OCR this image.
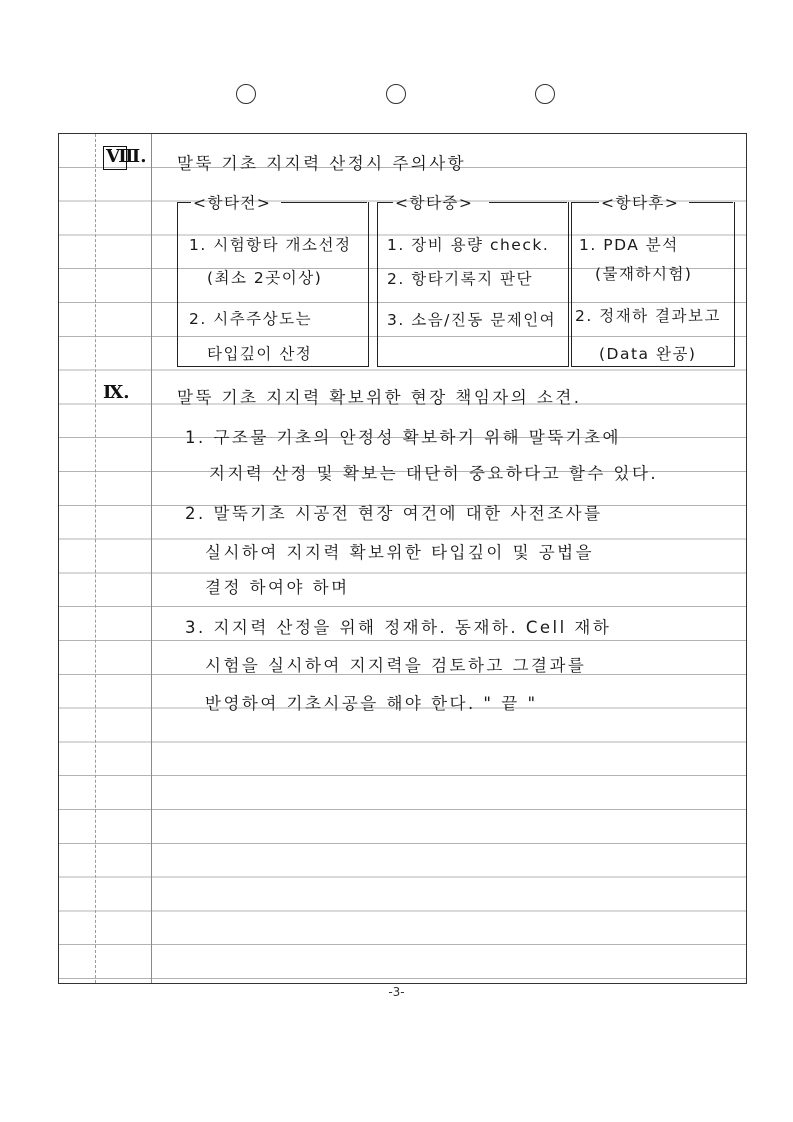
Ⅷ. 말뚝 기초 지지력 산정시 주의사항
<항타전>
1. 시험항타 개소선정
(최소 2곳이상)
2. 시추주상도는
타입깊이 산정
<항타중>
1. 장비 용량 check.
2. 항타기록지 판단
3. 소음/진동 문제인여
<항타후>
1. PDA 분석
(물재하시험)
2. 정재하 결과보고
(Data 완공)
Ⅸ.	말뚝 기초 지지력 확보위한 현장 책임자의 소견.
1. 구조물 기초의 안정성 확보하기 위해 말뚝기초에
지지력 산정 및 확보는 대단히 중요하다고 할수 있다.
2. 말뚝기초 시공전 현장 여건에 대한 사전조사를
실시하여 지지력 확보위한 타입깊이 및 공법을
결정 하여야 하며
3. 지지력 산정을 위해 정재하. 동재하. Cell 재하
시험을 실시하여 지지력을 검토하고 그결과를
반영하여 기초시공을 해야 한다. " 끝 "
-3-
